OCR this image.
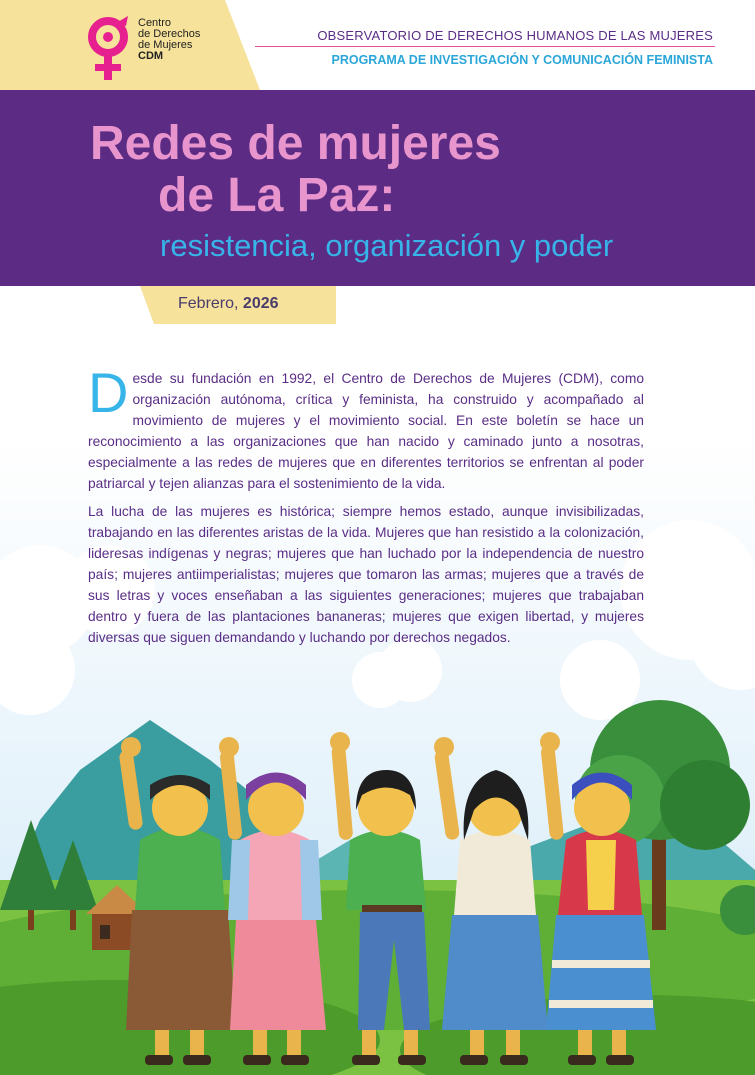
Centro
de Derechos
de Mujeres
CDM
OBSERVATORIO DE DERECHOS HUMANOS DE LAS MUJERES
PROGRAMA DE INVESTIGACIÓN Y COMUNICACIÓN FEMINISTA
Redes de mujeres
de La Paz:
resistencia, organización y poder
Febrero, 2026
Desde su fundación en 1992, el Centro de Derechos de Mujeres (CDM), como organización autónoma, crítica y feminista, ha construido y acompañado al movimiento de mujeres y el movimiento social. En este boletín se hace un reconocimiento a las organizaciones que han nacido y caminado junto a nosotras, especialmente a las redes de mujeres que en diferentes territorios se enfrentan al poder patriarcal y tejen alianzas para el sostenimiento de la vida.
La lucha de las mujeres es histórica; siempre hemos estado, aunque invisibilizadas, trabajando en las diferentes aristas de la vida. Mujeres que han resistido a la colonización, lideresas indígenas y negras; mujeres que han luchado por la independencia de nuestro país; mujeres antiimperialistas; mujeres que tomaron las armas; mujeres que a través de sus letras y voces enseñaban a las siguientes generaciones; mujeres que trabajaban dentro y fuera de las plantaciones bananeras; mujeres que exigen libertad, y mujeres diversas que siguen demandando y luchando por derechos negados.
